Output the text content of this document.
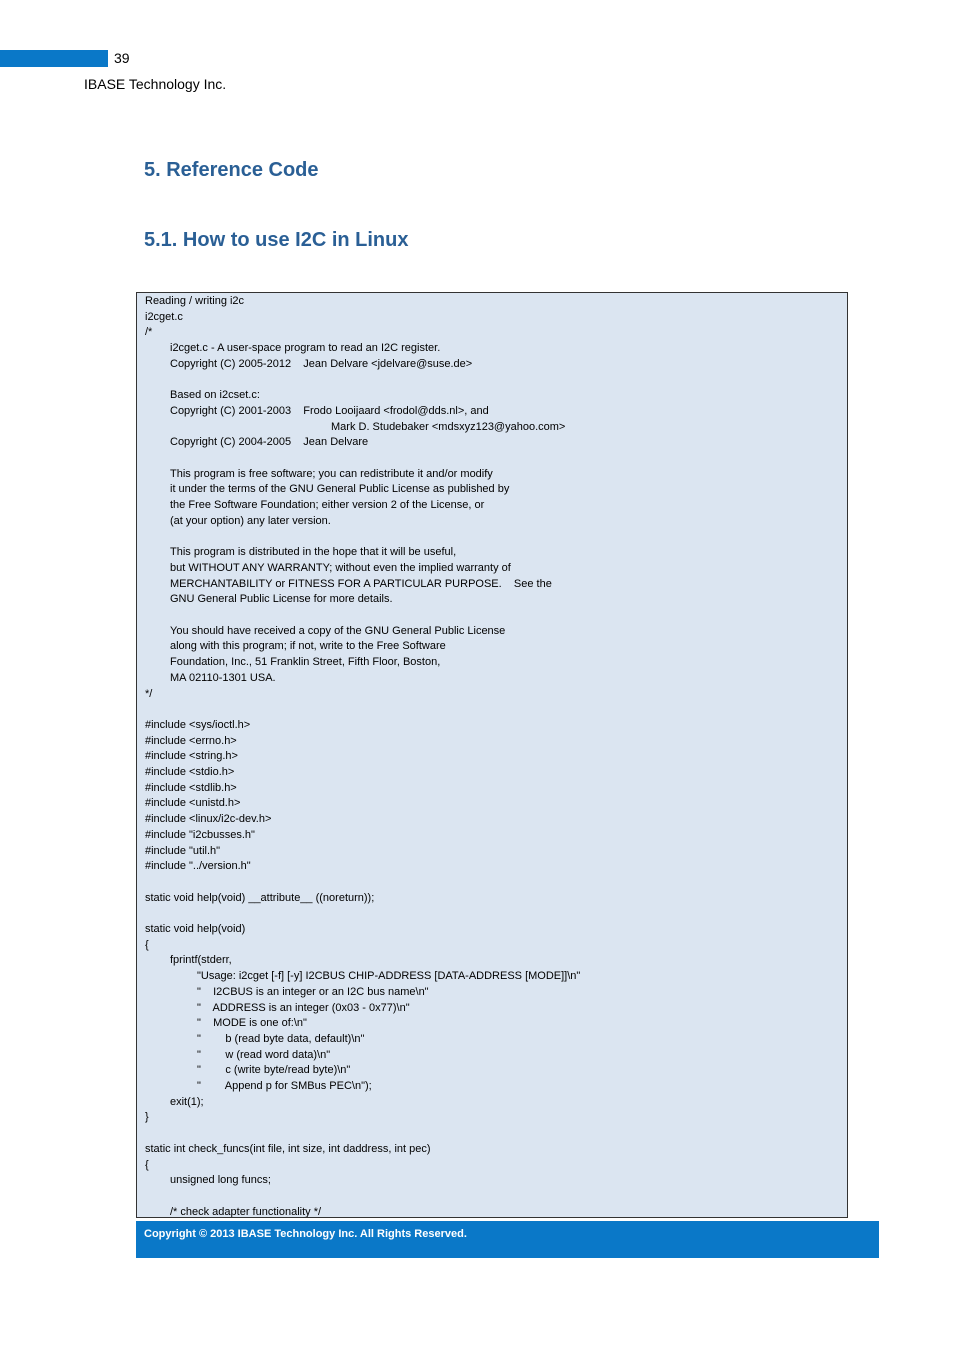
39
IBASE Technology Inc.
5. Reference Code
5.1. How to use I2C in Linux
Reading / writing i2c
i2cget.c
/*
i2cget.c - A user-space program to read an I2C register.
Copyright (C) 2005-2012    Jean Delvare <jdelvare@suse.de>
Based on i2cset.c:
Copyright (C) 2001-2003    Frodo Looijaard <frodol@dds.nl>, and
Mark D. Studebaker <mdsxyz123@yahoo.com>
Copyright (C) 2004-2005    Jean Delvare
This program is free software; you can redistribute it and/or modify
it under the terms of the GNU General Public License as published by
the Free Software Foundation; either version 2 of the License, or
(at your option) any later version.
This program is distributed in the hope that it will be useful,
but WITHOUT ANY WARRANTY; without even the implied warranty of
MERCHANTABILITY or FITNESS FOR A PARTICULAR PURPOSE.    See the
GNU General Public License for more details.
You should have received a copy of the GNU General Public License
along with this program; if not, write to the Free Software
Foundation, Inc., 51 Franklin Street, Fifth Floor, Boston,
MA 02110-1301 USA.
*/
#include <sys/ioctl.h>
#include <errno.h>
#include <string.h>
#include <stdio.h>
#include <stdlib.h>
#include <unistd.h>
#include <linux/i2c-dev.h>
#include "i2cbusses.h"
#include "util.h"
#include "../version.h"
static void help(void) __attribute__ ((noreturn));
static void help(void)
{
fprintf(stderr,
"Usage: i2cget [-f] [-y] I2CBUS CHIP-ADDRESS [DATA-ADDRESS [MODE]]\n"
"    I2CBUS is an integer or an I2C bus name\n"
"    ADDRESS is an integer (0x03 - 0x77)\n"
"    MODE is one of:\n"
"        b (read byte data, default)\n"
"        w (read word data)\n"
"        c (write byte/read byte)\n"
"        Append p for SMBus PEC\n");
exit(1);
}
static int check_funcs(int file, int size, int daddress, int pec)
{
unsigned long funcs;
/* check adapter functionality */
Copyright © 2013 IBASE Technology Inc. All Rights Reserved.
